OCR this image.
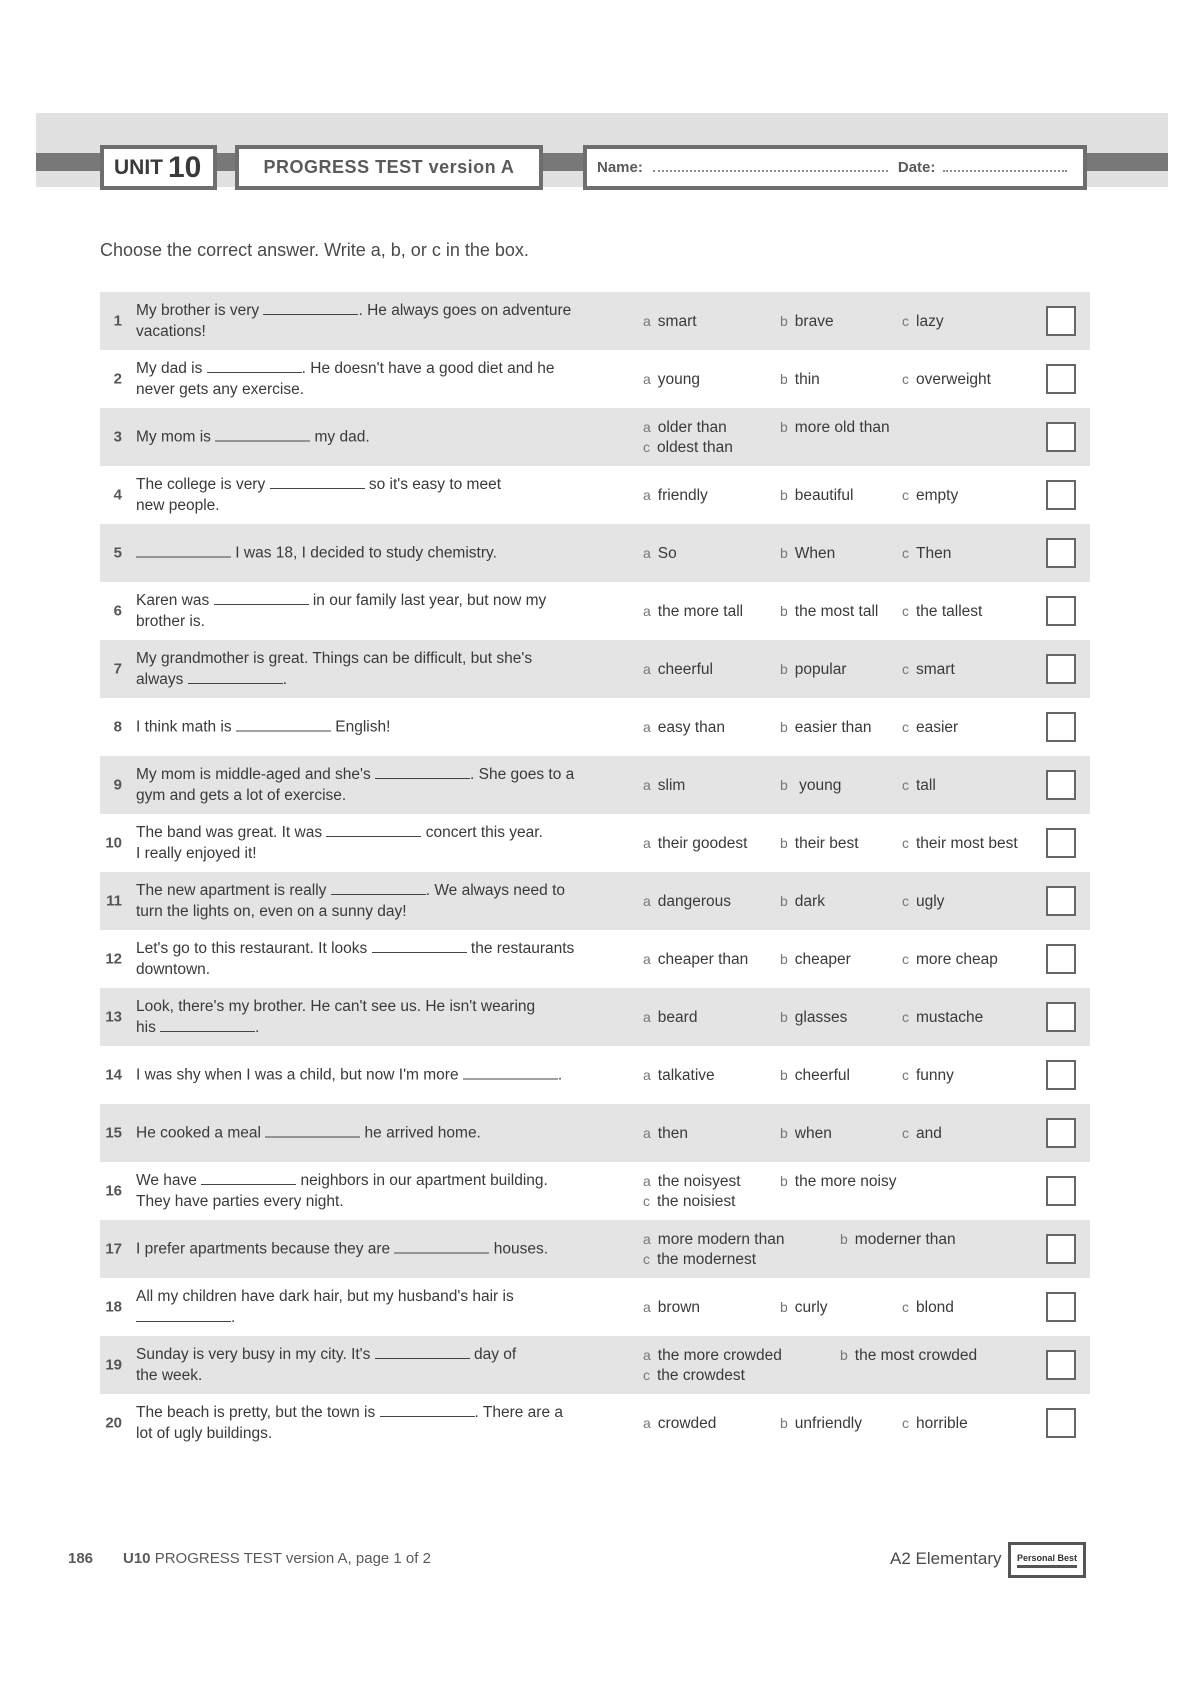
UNIT 10	PROGRESS TEST version A	Name:	Date:
Choose the correct answer. Write a, b, or c in the box.
1
My brother is very	. He always goes on adventure
vacations!
a smart	b brave	c lazy
2
My dad is	. He doesn't have a good diet and he
never gets any exercise.
a young	b thin	c overweight
3 My mom is	my dad.
a older than	b more old than
c oldest than
4
The college is very	so it's easy to meet
new people.
a friendly	b beautiful	c empty
5	I was 18, I decided to study chemistry.	a So	b When	c Then
6
Karen was	in our family last year, but now my
brother is.
a the more tall	b the most tall c the tallest
7
My grandmother is great. Things can be difficult, but she's
always	.
a cheerful	b popular	c smart
8 I think math is	English!	a easy than	b easier than c easier
9
My mom is middle-aged and she's	. She goes to a
gym and gets a lot of exercise.
a slim	b young	c tall
10
The band was great. It was	concert this year.
I really enjoyed it!
a their goodest b their best	c their most best
11
The new apartment is really	. We always need to
turn the lights on, even on a sunny day!
a dangerous	b dark	c ugly
12
Let's go to this restaurant. It looks	the restaurants
downtown.
a cheaper than b cheaper	c more cheap
13
Look, there's my brother. He can't see us. He isn't wearing
his	.
a beard	b glasses	c mustache
14 I was shy when I was a child, but now I'm more	.	a talkative	b cheerful	c funny
15 He cooked a meal	he arrived home.	a then	b when	c and
16
We have	neighbors in our apartment building.
They have parties every night.
a the noisyest	b the more noisy
c the noisiest
17 I prefer apartments because they are	houses.
a more modern than	b moderner than
c the modernest
18
All my children have dark hair, but my husband's hair is
.
a brown	b curly	c blond
19
Sunday is very busy in my city. It's	day of
the week.
a the more crowded	b the most crowded
c the crowdest
20
The beach is pretty, but the town is	. There are a
lot of ugly buildings.
a crowded	b unfriendly	c horrible
186 U10 PROGRESS TEST version A, page 1 of 2	A2 Elementary Personal Best
